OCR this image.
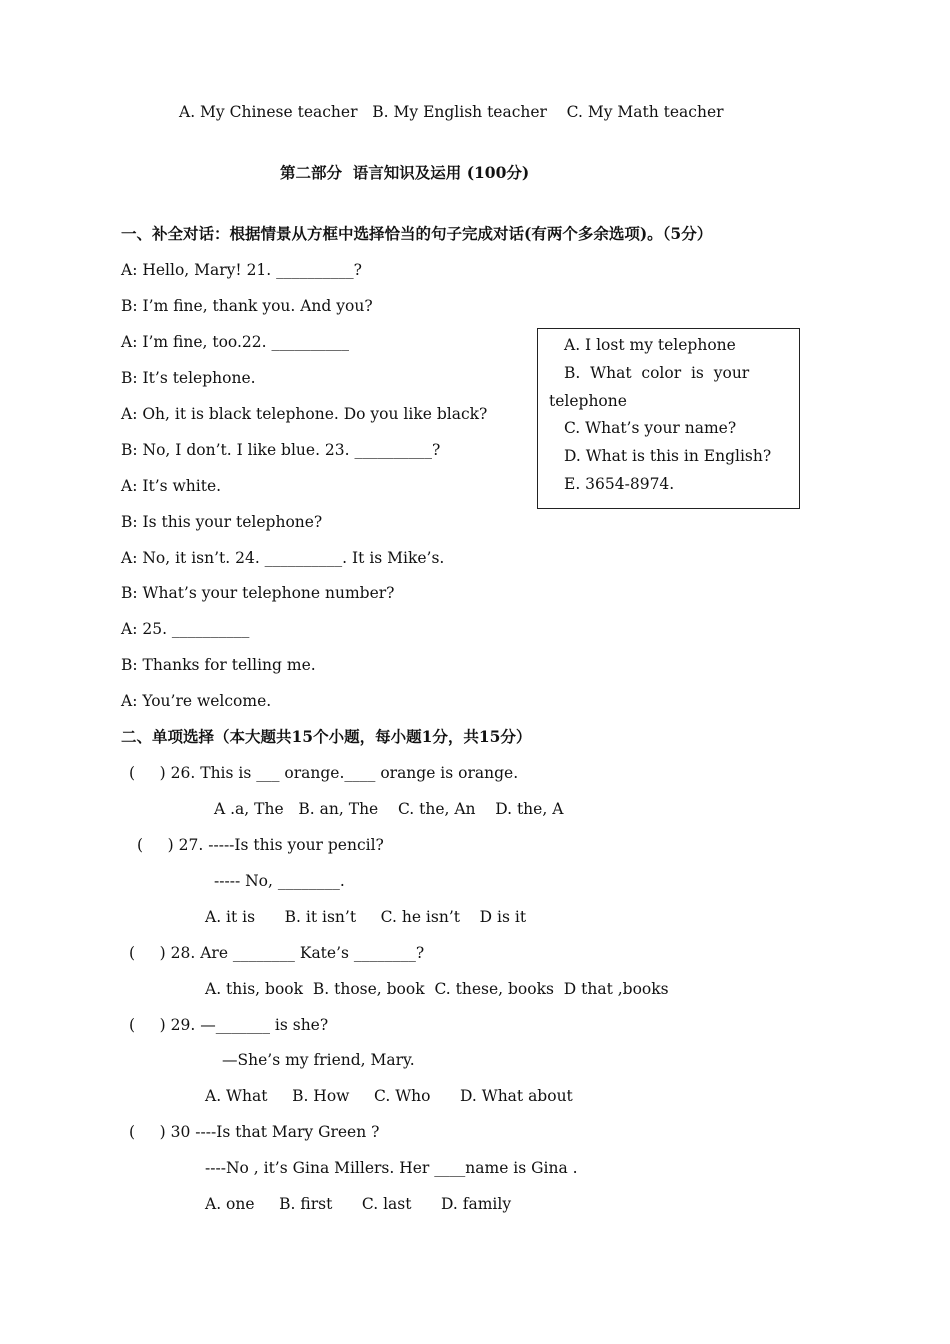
A. My Chinese teacher   B. My English teacher    C. My Math teacher
第二部分  语言知识及运用 (100分)
一、补全对话：根据情景从方框中选择恰当的句子完成对话(有两个多余选项)。（5分）
A: Hello, Mary! 21. __________?
B: I’m fine, thank you. And you?
A: I’m fine, too.22. __________
B: It’s telephone.
A: Oh, it is black telephone. Do you like black?
B: No, I don’t. I like blue. 23. __________?
A: It’s white.
B: Is this your telephone?
A: No, it isn’t. 24. __________. It is Mike’s.
B: What’s your telephone number?
A: 25. __________
B: Thanks for telling me.
A: You’re welcome.
A. I lost my telephone
B.  What  color  is  your
telephone
C. What’s your name?
D. What is this in English?
E. 3654-8974.
二、单项选择（本大题共15个小题，每小题1分，共15分）
(     ) 26. This is ___ orange.____ orange is orange.
A .a, The   B. an, The    C. the, An    D. the, A
(     ) 27. -----Is this your pencil?
----- No, ________.
A. it is      B. it isn’t     C. he isn’t    D is it
(     ) 28. Are ________ Kate’s ________?
A. this, book  B. those, book  C. these, books  D that ,books
(     ) 29. —_______ is she?
—She’s my friend, Mary.
A. What     B. How     C. Who      D. What about
(     ) 30 ----Is that Mary Green ?
----No , it’s Gina Millers. Her ____name is Gina .
A. one     B. first      C. last      D. family
